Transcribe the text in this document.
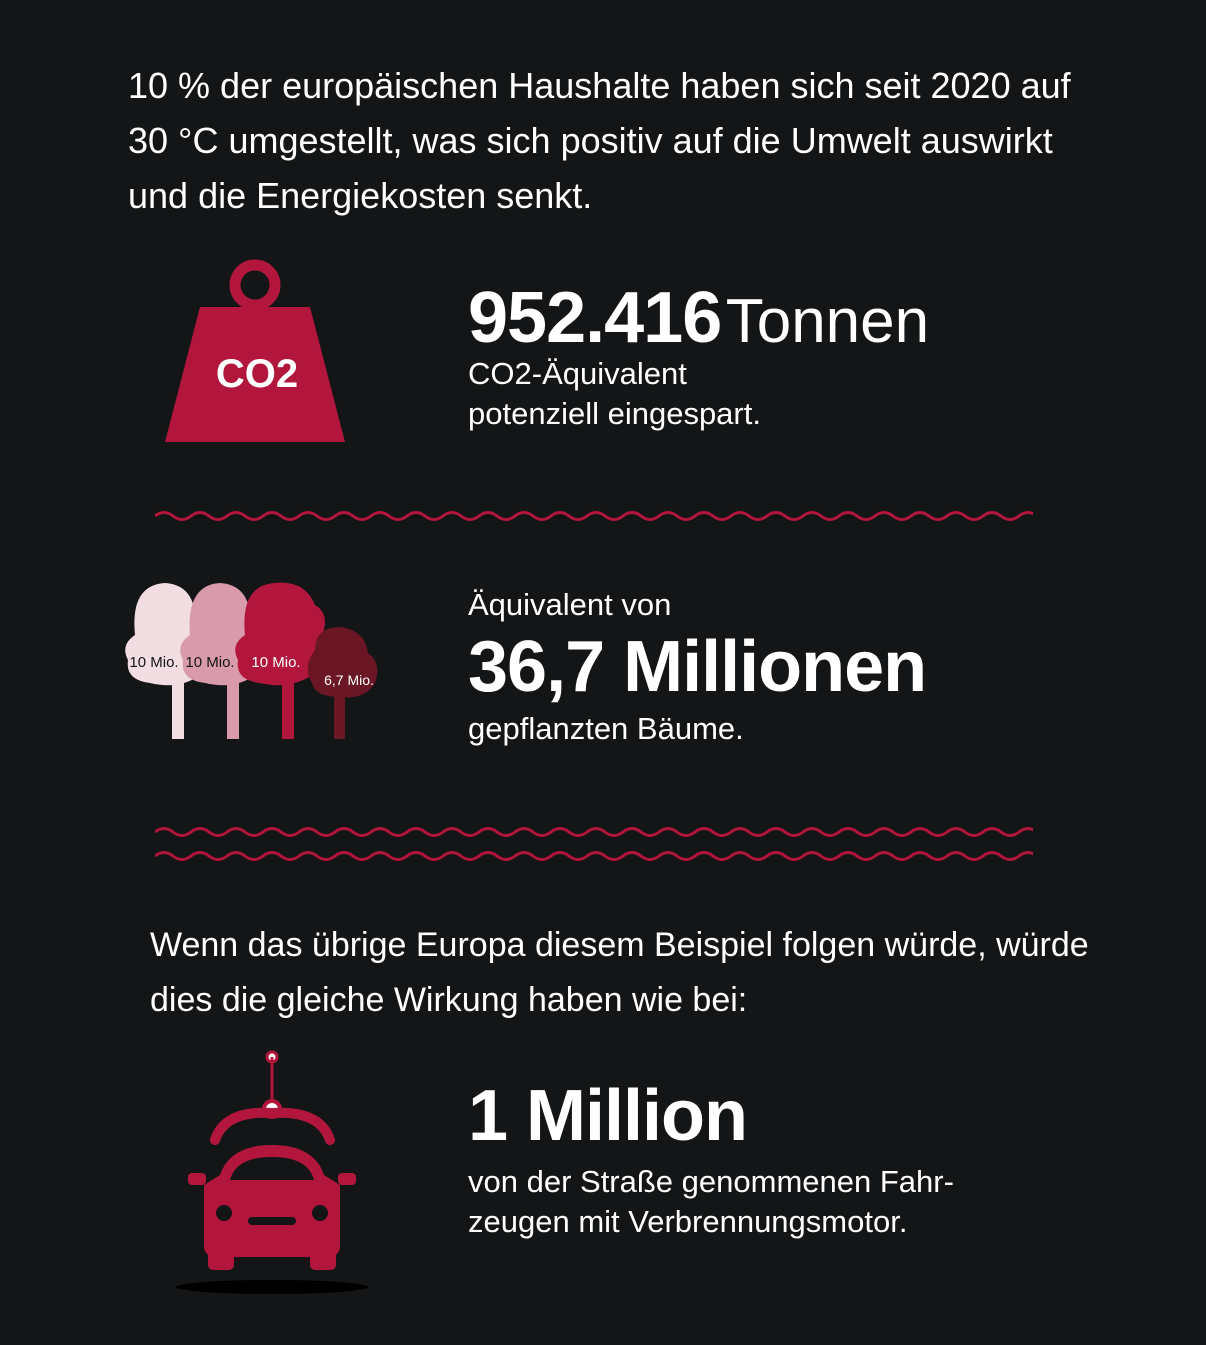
10 % der europäischen Haushalte haben sich seit 2020 auf 30 °C umgestellt, was sich positiv auf die Umwelt auswirkt und die Energiekosten senkt.

CO2
952.416 Tonnen
CO2-Äquivalent
potenziell eingespart.
10 Mio. 10 Mio. 10 Mio.
6,7 Mio.
Äquivalent von
36,7 Millionen
gepflanzten Bäume.

Wenn das übrige Europa diesem Beispiel folgen würde, würde dies die gleiche Wirkung haben wie bei:

1 Million
von der Straße genommenen Fahr-
zeugen mit Verbrennungsmotor.
